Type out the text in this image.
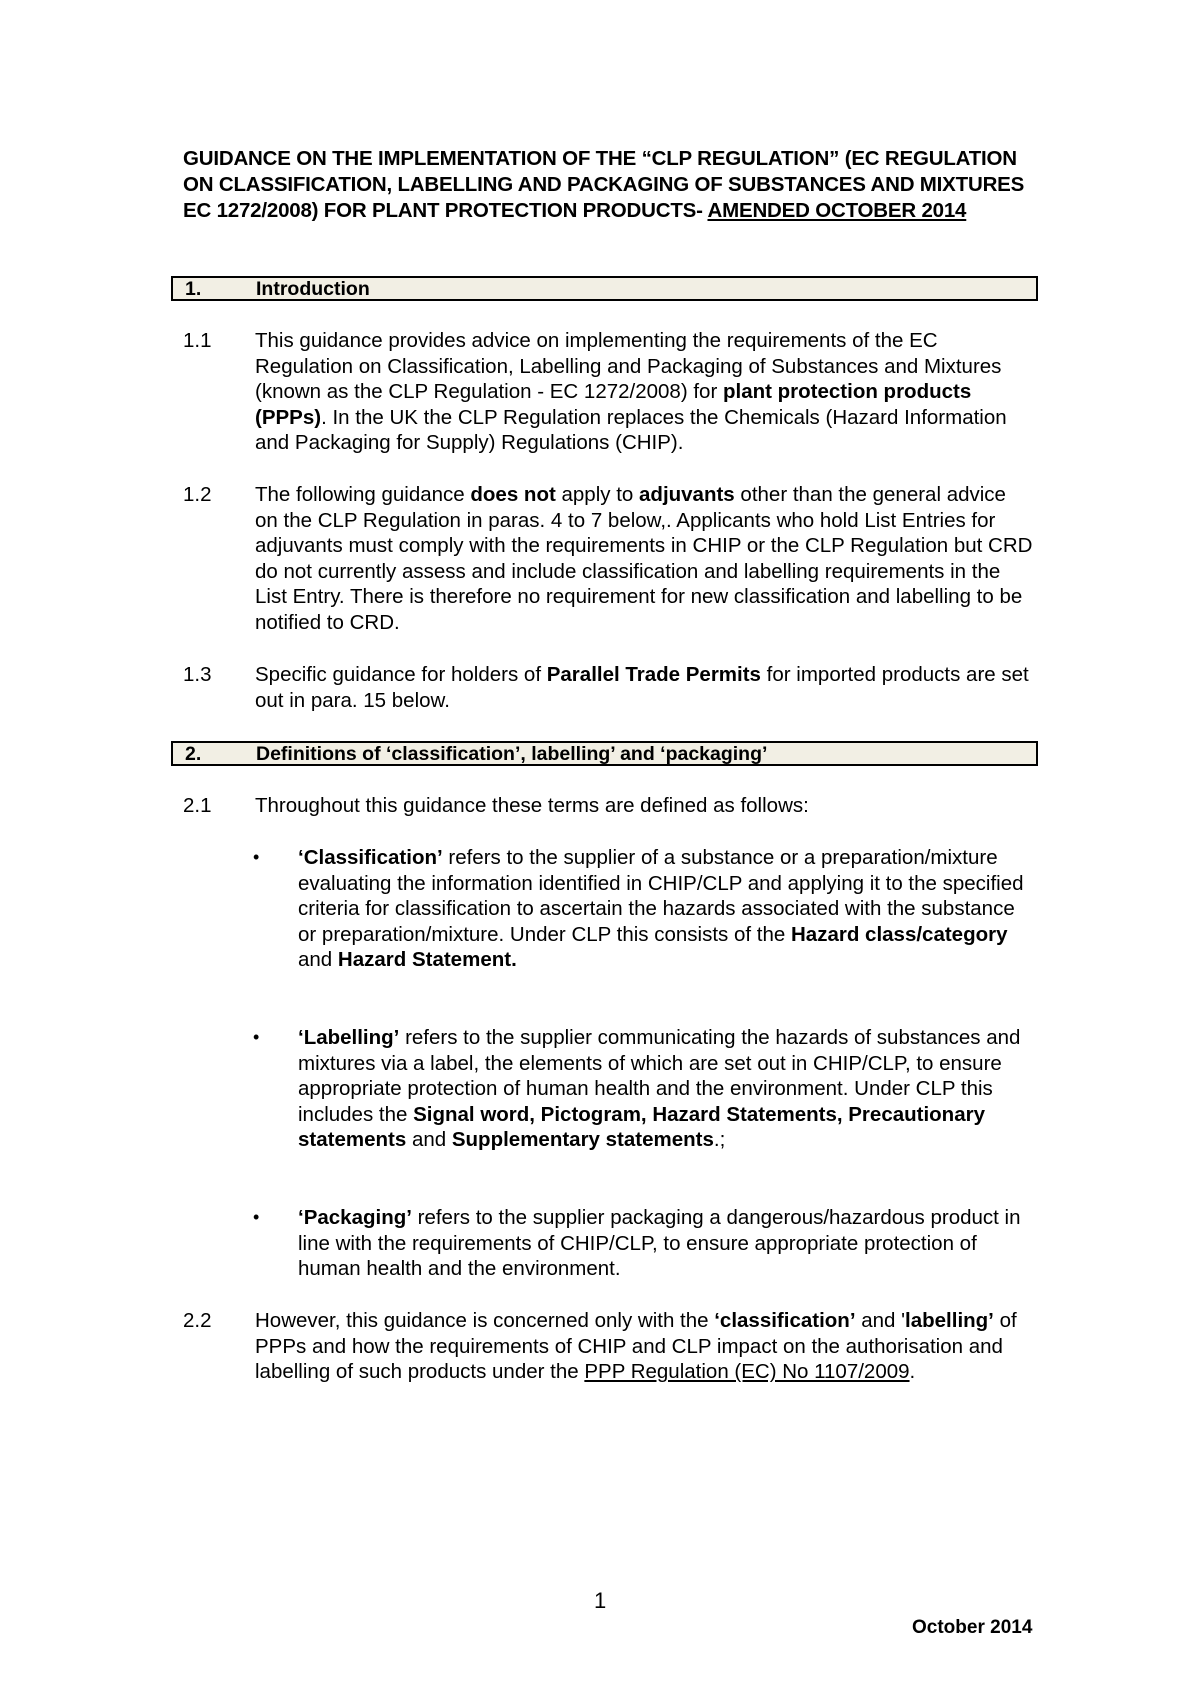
GUIDANCE ON THE IMPLEMENTATION OF THE “CLP REGULATION” (EC REGULATION ON CLASSIFICATION, LABELLING AND PACKAGING OF SUBSTANCES AND MIXTURES EC 1272/2008) FOR PLANT PROTECTION PRODUCTS- AMENDED OCTOBER 2014
1.	Introduction
1.1 This guidance provides advice on implementing the requirements of the EC Regulation on Classification, Labelling and Packaging of Substances and Mixtures (known as the CLP Regulation - EC 1272/2008) for plant protection products (PPPs). In the UK the CLP Regulation replaces the Chemicals (Hazard Information and Packaging for Supply) Regulations (CHIP).
1.2 The following guidance does not apply to adjuvants other than the general advice on the CLP Regulation in paras. 4 to 7 below,. Applicants who hold List Entries for adjuvants must comply with the requirements in CHIP or the CLP Regulation but CRD do not currently assess and include classification and labelling requirements in the List Entry. There is therefore no requirement for new classification and labelling to be notified to CRD.
1.3 Specific guidance for holders of Parallel Trade Permits for imported products are set out in para. 15 below.
2.	Definitions of ‘classification’, labelling’ and ‘packaging’
2.1 Throughout this guidance these terms are defined as follows:
• ‘Classification’ refers to the supplier of a substance or a preparation/mixture evaluating the information identified in CHIP/CLP and applying it to the specified criteria for classification to ascertain the hazards associated with the substance or preparation/mixture. Under CLP this consists of the Hazard class/category and Hazard Statement.
• ‘Labelling’ refers to the supplier communicating the hazards of substances and mixtures via a label, the elements of which are set out in CHIP/CLP, to ensure appropriate protection of human health and the environment. Under CLP this includes the Signal word, Pictogram, Hazard Statements, Precautionary statements and Supplementary statements.;
• ‘Packaging’ refers to the supplier packaging a dangerous/hazardous product in line with the requirements of CHIP/CLP, to ensure appropriate protection of human health and the environment.
2.2 However, this guidance is concerned only with the ‘classification’ and 'labelling’ of PPPs and how the requirements of CHIP and CLP impact on the authorisation and labelling of such products under the PPP Regulation (EC) No 1107/2009.
1
October 2014
